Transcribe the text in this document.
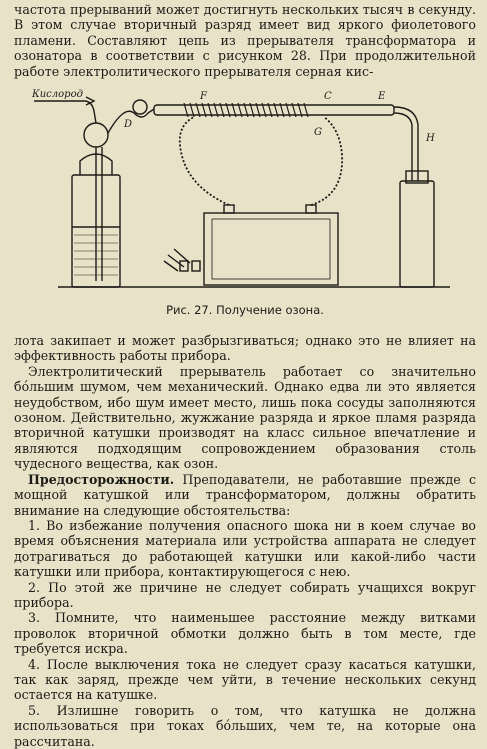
частота прерываний может достигнуть нескольких тысяч в секунду. В этом случае вторичный разряд имеет вид яркого фиолетового пламени. Составляют цепь из прерывателя трансформатора и озонатора в соответствии с рисунком 28. При продолжительной работе электролитического прерывателя серная кис-

Кислород
D
F	C	E
G
H
Рис. 27. Получение озона.

лота закипает и может разбрызгиваться; однако это не влияет на эффективность работы прибора.

Электролитический прерыватель работает со значительно бóльшим шумом, чем механический. Однако едва ли это является неудобством, ибо шум имеет место, лишь пока сосуды заполняются озоном. Действительно, жужжание разряда и яркое пламя разряда вторичной катушки производят на класс сильное впечатление и являются подходящим сопровождением образования столь чудесного вещества, как озон.

Предосторожности. Преподаватели, не работавшие прежде с мощной катушкой или трансформатором, должны обратить внимание на следующие обстоятельства:

1. Во избежание получения опасного шока ни в коем случае во время объяснения материала или устройства аппарата не следует дотрагиваться до работающей катушки или какой-либо части катушки или прибора, контактирующегося с нею.

2. По этой же причине не следует собирать учащихся вокруг прибора.

3. Помните, что наименьшее расстояние между витками проволок вторичной обмотки должно быть в том месте, где требуется искра.

4. После выключения тока не следует сразу касаться катушки, так как заряд, прежде чем уйти, в течение нескольких секунд остается на катушке.

5. Излишне говорить о том, что катушка не должна использоваться при токах бóльших, чем те, на которые она рассчитана.
